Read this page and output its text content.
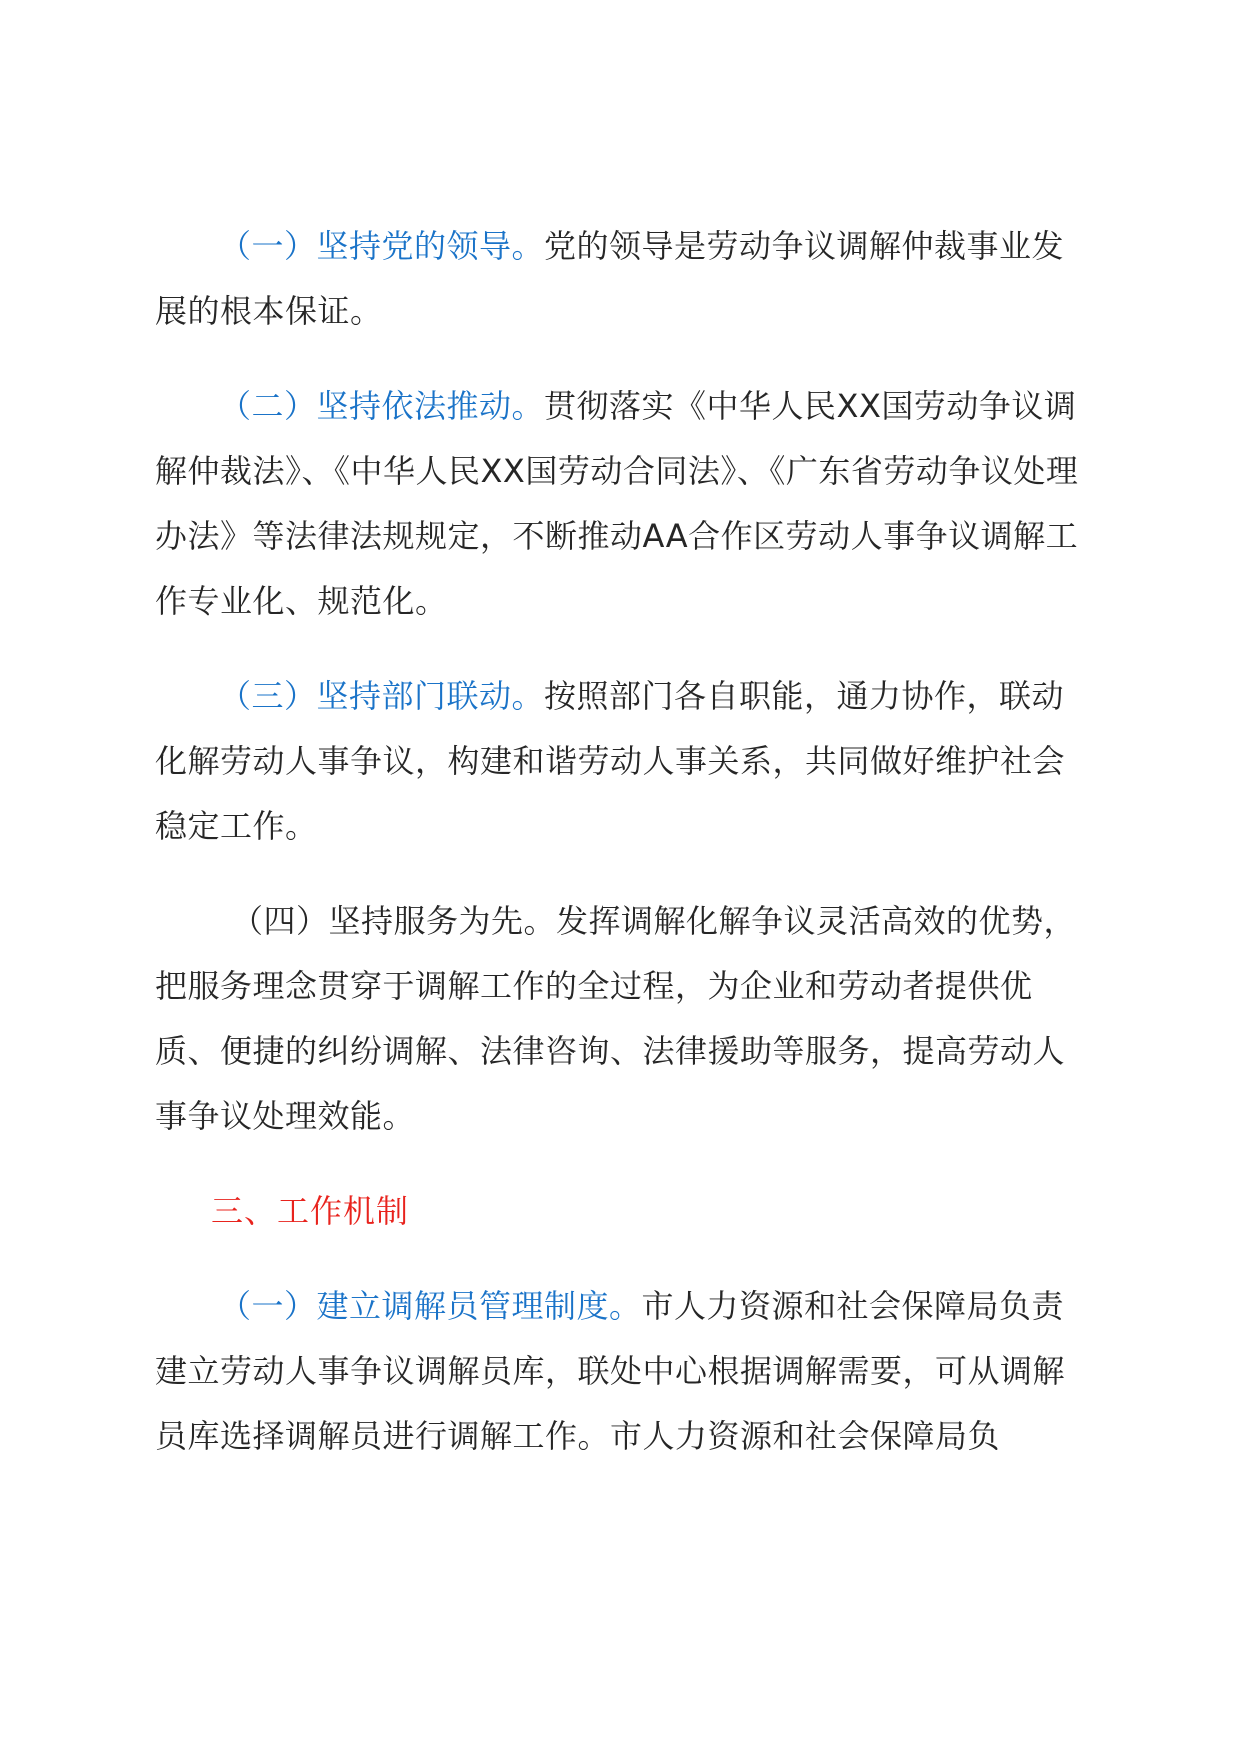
（一）坚持党的领导。党的领导是劳动争议调解仲裁事业发展的根本保证。

（二）坚持依法推动。贯彻落实《中华人民XX国劳动争议调解仲裁法》、《中华人民XX国劳动合同法》、《广东省劳动争议处理办法》等法律法规规定，不断推动AA合作区劳动人事争议调解工作专业化、规范化。

（三）坚持部门联动。按照部门各自职能，通力协作，联动化解劳动人事争议，构建和谐劳动人事关系，共同做好维护社会稳定工作。

（四）坚持服务为先。发挥调解化解争议灵活高效的优势，把服务理念贯穿于调解工作的全过程，为企业和劳动者提供优质、便捷的纠纷调解、法律咨询、法律援助等服务，提高劳动人事争议处理效能。

三、工作机制

（一）建立调解员管理制度。市人力资源和社会保障局负责建立劳动人事争议调解员库，联处中心根据调解需要，可从调解员库选择调解员进行调解工作。市人力资源和社会保障局负
